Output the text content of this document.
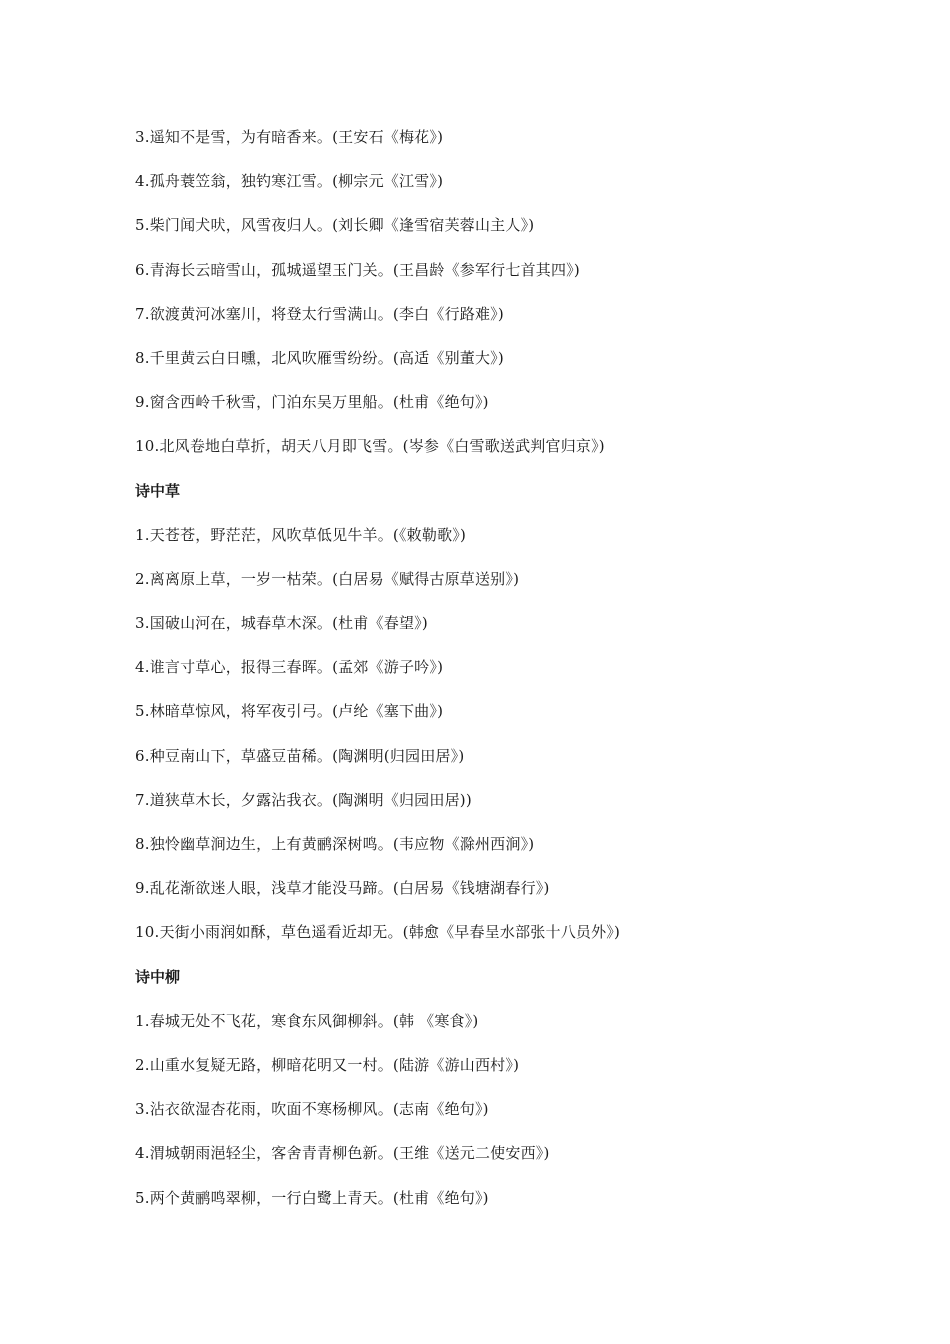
3.遥知不是雪，为有暗香来。(王安石《梅花》)
4.孤舟蓑笠翁，独钓寒江雪。(柳宗元《江雪》)
5.柴门闻犬吠，风雪夜归人。(刘长卿《逢雪宿芙蓉山主人》)
6.青海长云暗雪山，孤城遥望玉门关。(王昌龄《参军行七首其四》)
7.欲渡黄河冰塞川，将登太行雪满山。(李白《行路难》)
8.千里黄云白日曛，北风吹雁雪纷纷。(高适《别董大》)
9.窗含西岭千秋雪，门泊东吴万里船。(杜甫《绝句》)
10.北风卷地白草折，胡天八月即飞雪。(岑参《白雪歌送武判官归京》)
诗中草
1.天苍苍，野茫茫，风吹草低见牛羊。(《敕勒歌》)
2.离离原上草，一岁一枯荣。(白居易《赋得古原草送别》)
3.国破山河在，城春草木深。(杜甫《春望》)
4.谁言寸草心，报得三春晖。(孟郊《游子吟》)
5.林暗草惊风，将军夜引弓。(卢纶《塞下曲》)
6.种豆南山下，草盛豆苗稀。(陶渊明(归园田居》)
7.道狭草木长，夕露沾我衣。(陶渊明《归园田居))
8.独怜幽草涧边生，上有黄鹂深树鸣。(韦应物《滁州西涧》)
9.乱花渐欲迷人眼，浅草才能没马蹄。(白居易《钱塘湖春行》)
10.天街小雨润如酥，草色遥看近却无。(韩愈《早春呈水部张十八员外》)
诗中柳
1.春城无处不飞花，寒食东风御柳斜。(韩 《寒食》)
2.山重水复疑无路，柳暗花明又一村。(陆游《游山西村》)
3.沾衣欲湿杏花雨，吹面不寒杨柳风。(志南《绝句》)
4.渭城朝雨浥轻尘，客舍青青柳色新。(王维《送元二使安西》)
5.两个黄鹂鸣翠柳，一行白鹭上青天。(杜甫《绝句》)
